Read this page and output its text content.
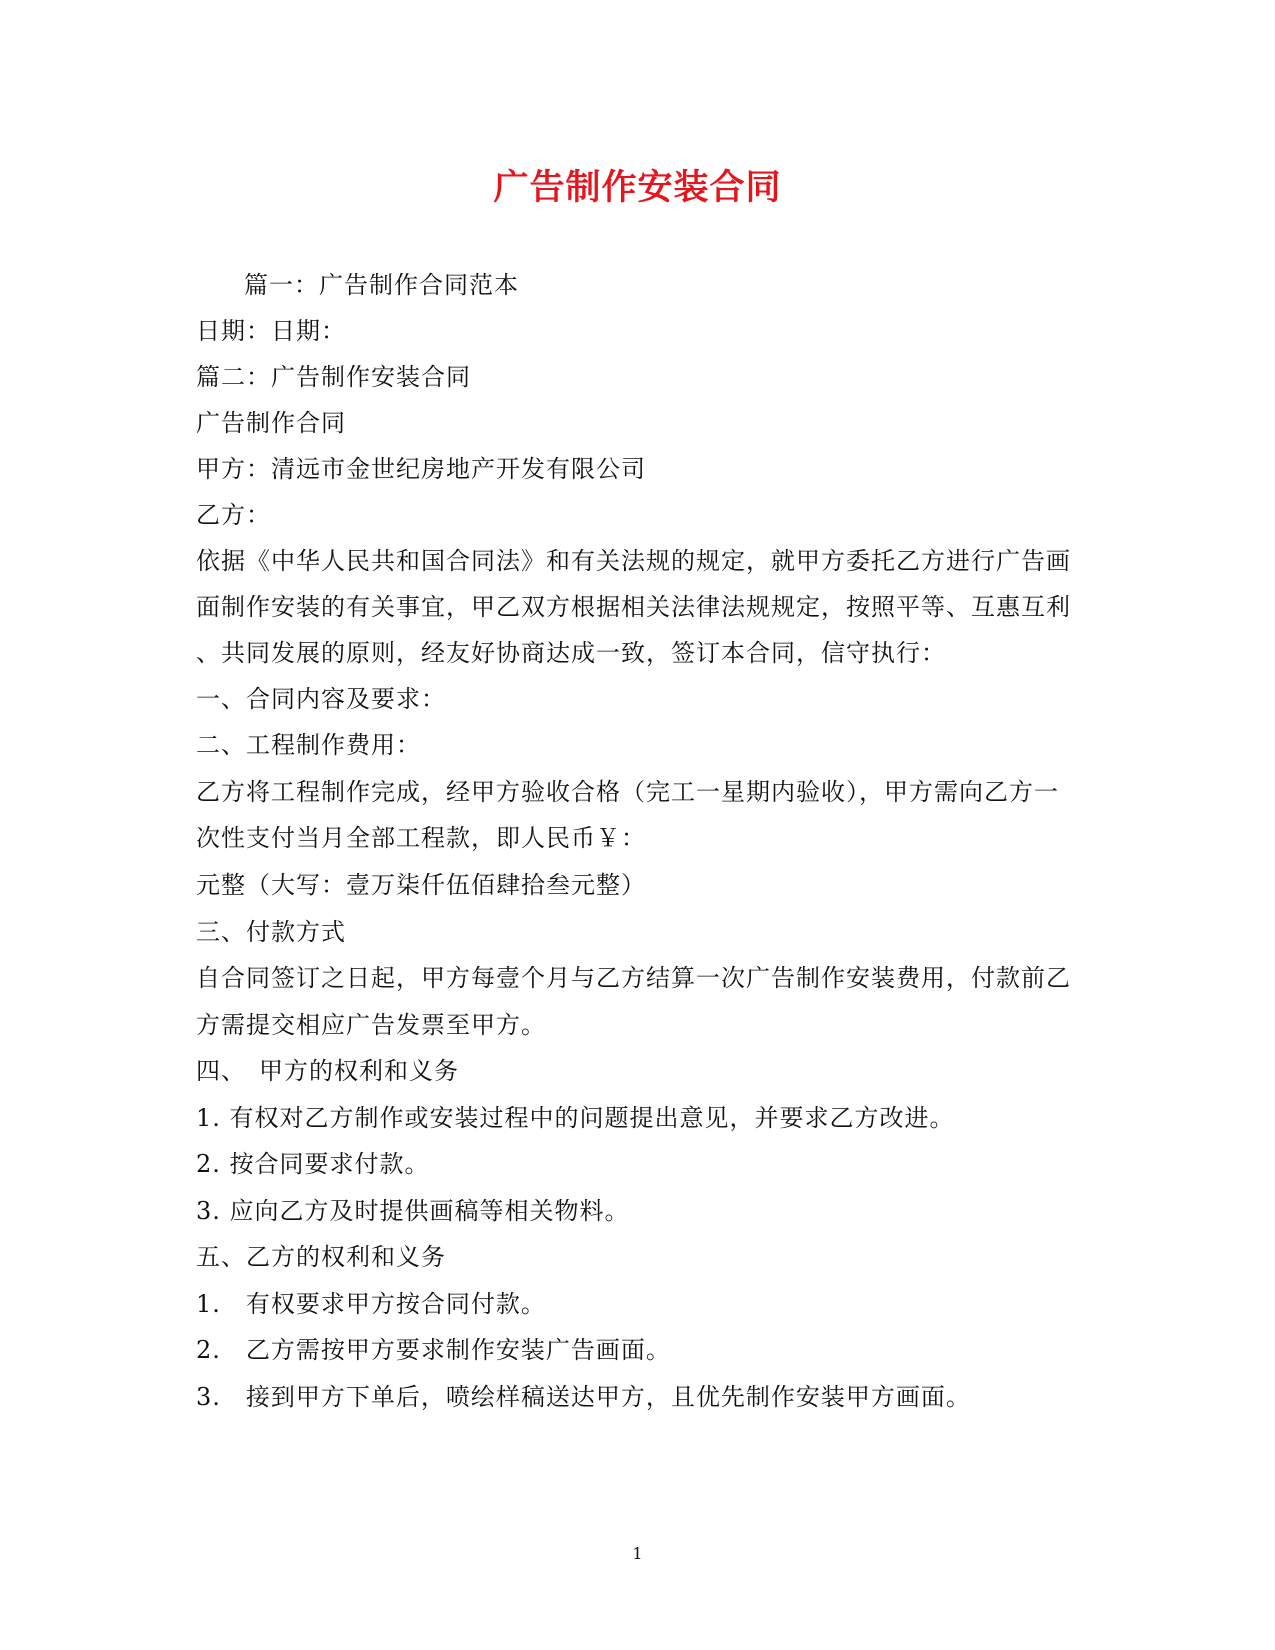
广告制作安装合同
篇一：广告制作合同范本
日期：日期：
篇二：广告制作安装合同
广告制作合同
甲方：清远市金世纪房地产开发有限公司
乙方：
依据《中华人民共和国合同法》和有关法规的规定，就甲方委托乙方进行广告画
面制作安装的有关事宜，甲乙双方根据相关法律法规规定，按照平等、互惠互利
、共同发展的原则，经友好协商达成一致，签订本合同，信守执行：
一、合同内容及要求：
二、工程制作费用：
乙方将工程制作完成，经甲方验收合格（完工一星期内验收），甲方需向乙方一
次性支付当月全部工程款，即人民币￥：
元整（大写：壹万柒仟伍佰肆拾叁元整）
三、付款方式
自合同签订之日起，甲方每壹个月与乙方结算一次广告制作安装费用，付款前乙
方需提交相应广告发票至甲方。
四、　甲方的权利和义务
1. 有权对乙方制作或安装过程中的问题提出意见，并要求乙方改进。
2. 按合同要求付款。
3. 应向乙方及时提供画稿等相关物料。
五、乙方的权利和义务
1.　有权要求甲方按合同付款。
2.　乙方需按甲方要求制作安装广告画面。
3.　接到甲方下单后，喷绘样稿送达甲方，且优先制作安装甲方画面。
1
